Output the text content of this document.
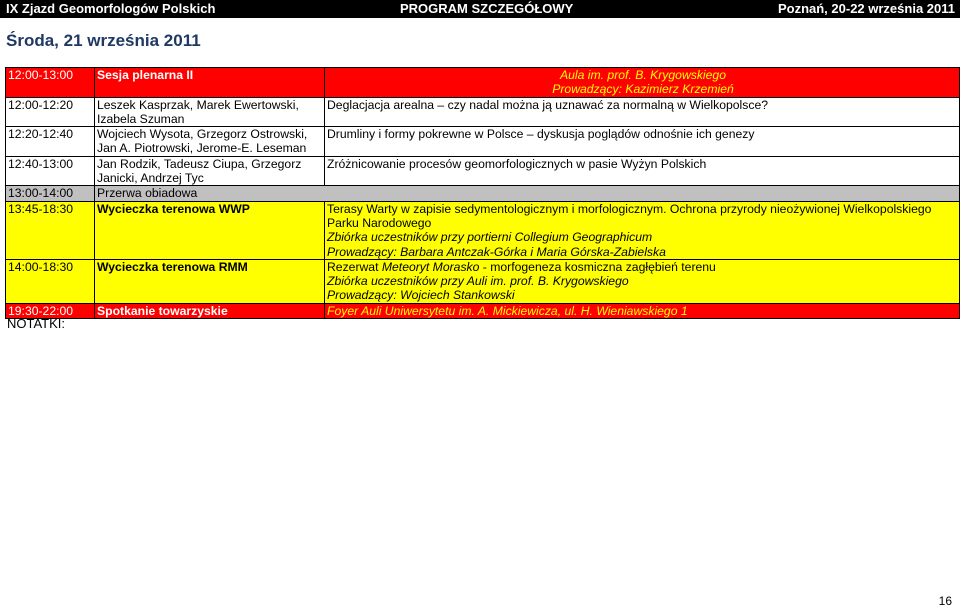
IX Zjazd Geomorfologów Polskich	PROGRAM SZCZEGÓŁOWY	Poznań, 20-22 września 2011
Środa, 21 września 2011
12:00-13:00	Sesja plenarna II	Aula im. prof. B. Krygowskiego
Prowadzący: Kazimierz Krzemień

12:00-12:20	Leszek Kasprzak, Marek Ewertowski, Izabela Szuman	Deglacjacja arealna – czy nadal można ją uznawać za normalną w Wielkopolsce?
12:20-12:40	Wojciech Wysota, Grzegorz Ostrowski, Jan A. Piotrowski, Jerome-E. Leseman	Drumliny i formy pokrewne w Polsce – dyskusja poglądów odnośnie ich genezy
12:40-13:00	Jan Rodzik, Tadeusz Ciupa, Grzegorz Janicki, Andrzej Tyc	Zróżnicowanie procesów geomorfologicznych w pasie Wyżyn Polskich
13:00-14:00	Przerwa obiadowa	
13:45-18:30	Wycieczka terenowa WWP	Terasy Warty w zapisie sedymentologicznym i morfologicznym. Ochrona przyrody nieożywionej Wielkopolskiego Parku Narodowego
Zbiórka uczestników przy portierni Collegium Geographicum
Prowadzący: Barbara Antczak-Górka i Maria Górska-Zabielska

14:00-18:30	Wycieczka terenowa RMM	Rezerwat Meteoryt Morasko - morfogeneza kosmiczna zagłębień terenu
Zbiórka uczestników przy Auli im. prof. B. Krygowskiego
Prowadzący: Wojciech Stankowski

19:30-22:00	Spotkanie towarzyskie	Foyer Auli Uniwersytetu im. A. Mickiewicza, ul. H. Wieniawskiego 1
NOTATKI:
16
